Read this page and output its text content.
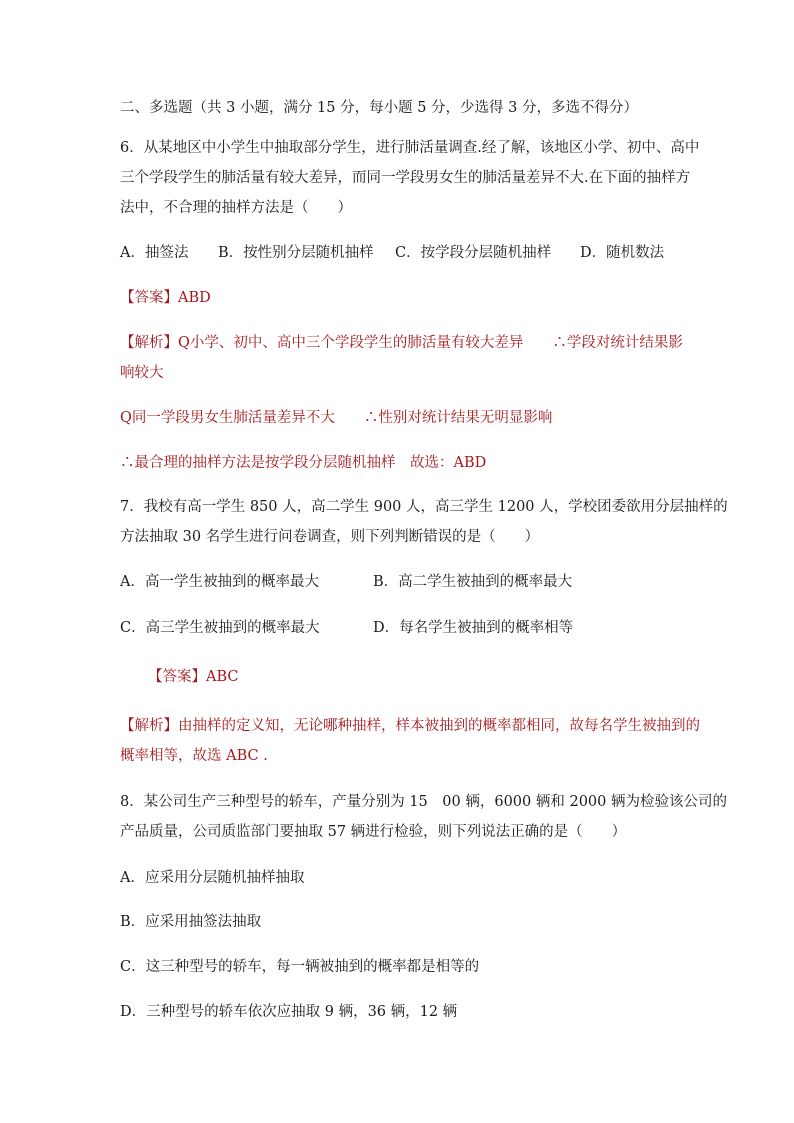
二、多选题（共 3 小题，满分 15 分，每小题 5 分，少选得 3 分，多选不得分）
6．从某地区中小学生中抽取部分学生，进行肺活量调查.经了解，该地区小学、初中、高中
三个学段学生的肺活量有较大差异，而同一学段男女生的肺活量差异不大.在下面的抽样方
法中，不合理的抽样方法是（　　）
A．抽签法 B．按性别分层随机抽样 C．按学段分层随机抽样 D．随机数法
【答案】ABD
【解析】Q小学、初中、高中三个学段学生的肺活量有较大差异　　∴学段对统计结果影
响较大
Q同一学段男女生肺活量差异不大　　∴性别对统计结果无明显影响
∴最合理的抽样方法是按学段分层随机抽样　故选：ABD
7．我校有高一学生 850 人，高二学生 900 人，高三学生 1200 人，学校团委欲用分层抽样的
方法抽取 30 名学生进行问卷调查，则下列判断错误的是（　　）
A．高一学生被抽到的概率最大	B．高二学生被抽到的概率最大
C．高三学生被抽到的概率最大	D．每名学生被抽到的概率相等
【答案】ABC
【解析】由抽样的定义知，无论哪种抽样，样本被抽到的概率都相同，故每名学生被抽到的
概率相等，故选 ABC .
8．某公司生产三种型号的轿车，产量分别为 15　00 辆，6000 辆和 2000 辆为检验该公司的
产品质量，公司质监部门要抽取 57 辆进行检验，则下列说法正确的是（　　）
A．应采用分层随机抽样抽取
B．应采用抽签法抽取
C．这三种型号的轿车，每一辆被抽到的概率都是相等的
D．三种型号的轿车依次应抽取 9 辆，36 辆，12 辆
